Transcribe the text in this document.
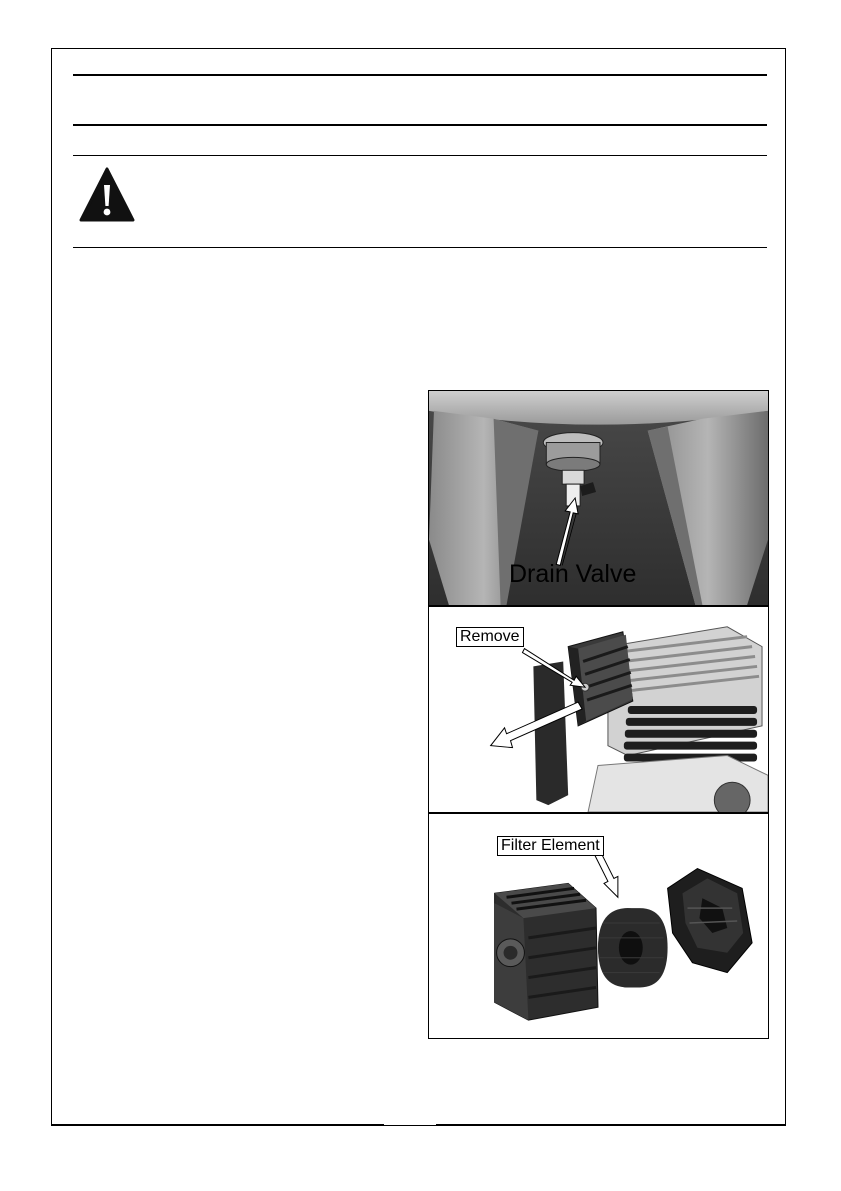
Drain Valve
Remove
Filter Element
